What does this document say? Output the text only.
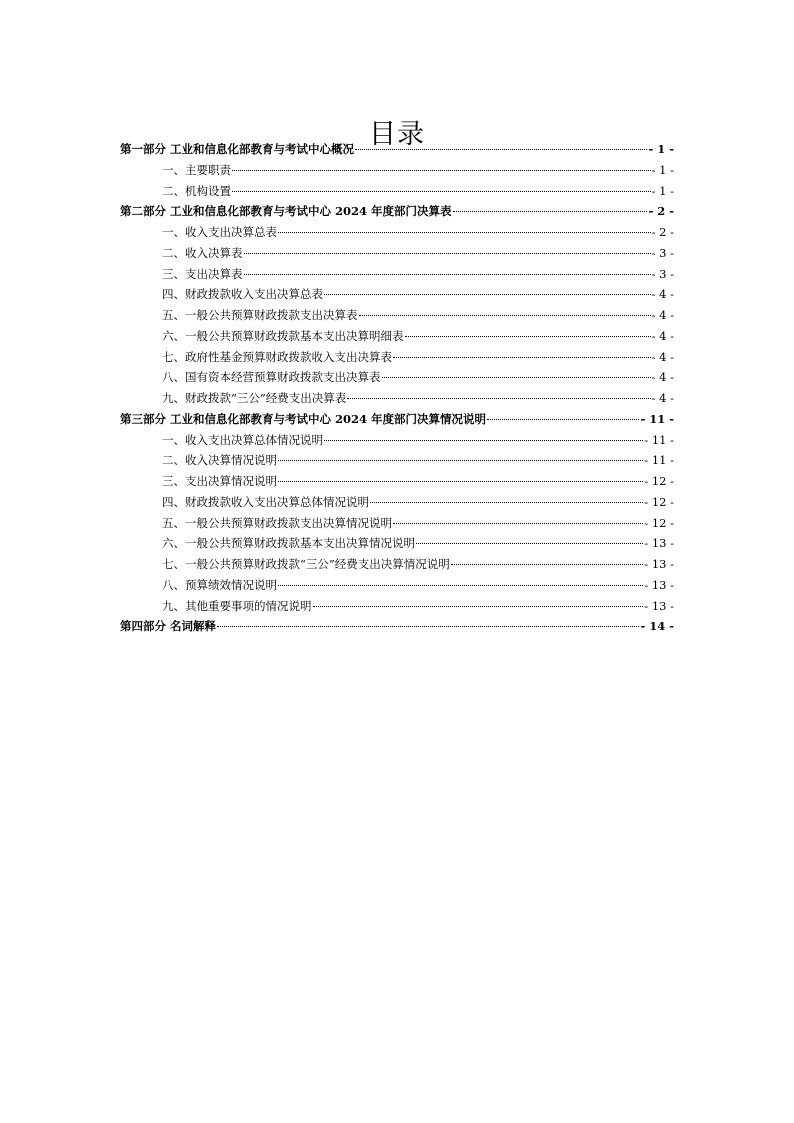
目录
第一部分 工业和信息化部教育与考试中心概况	- 1 -
一、主要职责	- 1 -
二、机构设置	- 1 -
第二部分 工业和信息化部教育与考试中心 2024 年度部门决算表	- 2 -
一、收入支出决算总表	- 2 -
二、收入决算表	- 3 -
三、支出决算表	- 3 -
四、财政拨款收入支出决算总表	- 4 -
五、一般公共预算财政拨款支出决算表	- 4 -
六、一般公共预算财政拨款基本支出决算明细表	- 4 -
七、政府性基金预算财政拨款收入支出决算表	- 4 -
八、国有资本经营预算财政拨款支出决算表	- 4 -
九、财政拨款“三公”经费支出决算表	- 4 -
第三部分 工业和信息化部教育与考试中心 2024 年度部门决算情况说明	- 11 -
一、收入支出决算总体情况说明	- 11 -
二、收入决算情况说明	- 11 -
三、支出决算情况说明	- 12 -
四、财政拨款收入支出决算总体情况说明	- 12 -
五、一般公共预算财政拨款支出决算情况说明	- 12 -
六、一般公共预算财政拨款基本支出决算情况说明	- 13 -
七、一般公共预算财政拨款“三公”经费支出决算情况说明	- 13 -
八、预算绩效情况说明	- 13 -
九、其他重要事项的情况说明	- 13 -
第四部分 名词解释	- 14 -
